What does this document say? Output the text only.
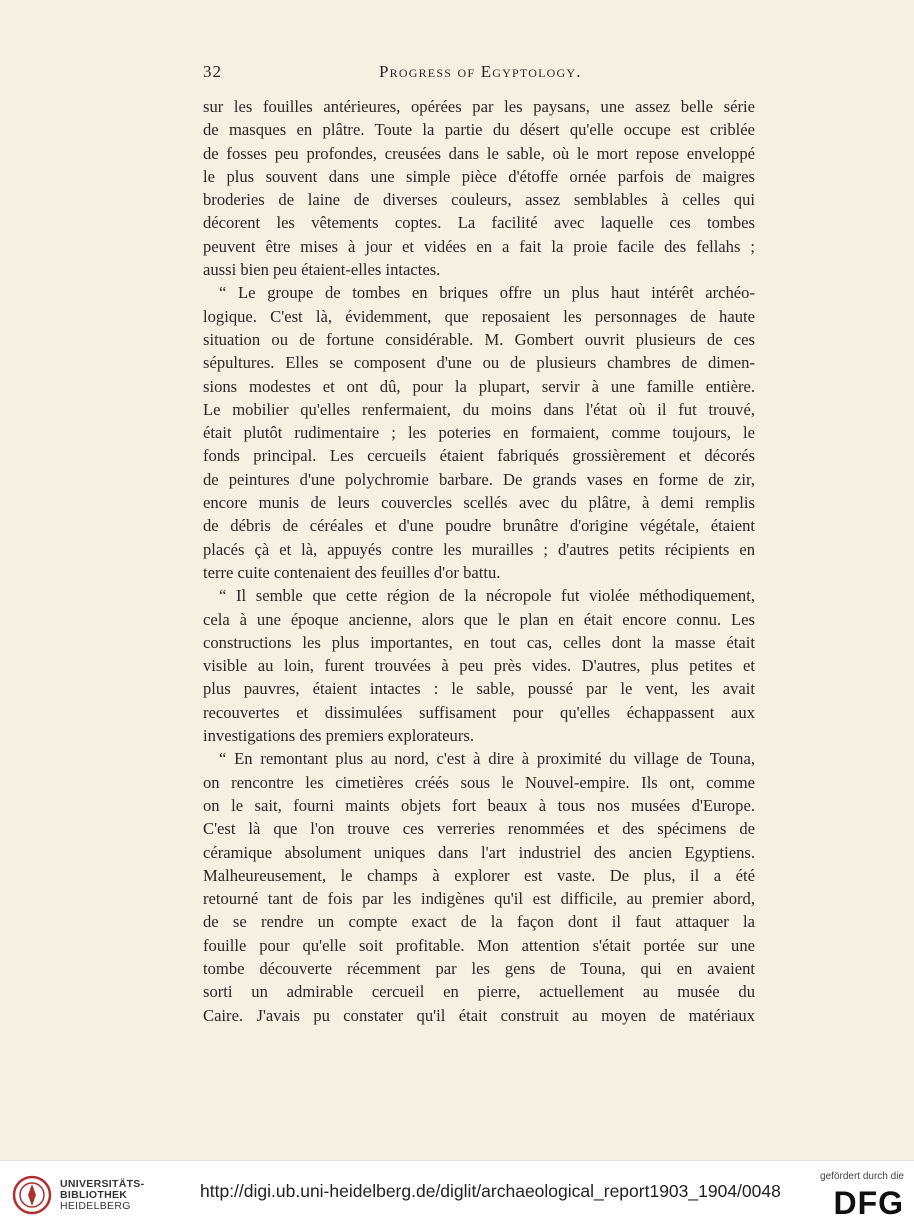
32	Progress of Egyptology.
sur les fouilles antérieures, opérées par les paysans, une assez belle série
de masques en plâtre. Toute la partie du désert qu'elle occupe est criblée
de fosses peu profondes, creusées dans le sable, où le mort repose enveloppé
le plus souvent dans une simple pièce d'étoffe ornée parfois de maigres
broderies de laine de diverses couleurs, assez semblables à celles qui
décorent les vêtements coptes. La facilité avec laquelle ces tombes
peuvent être mises à jour et vidées en a fait la proie facile des fellahs ;
aussi bien peu étaient-elles intactes.
“ Le groupe de tombes en briques offre un plus haut intérêt archéo-
logique. C'est là, évidemment, que reposaient les personnages de haute
situation ou de fortune considérable. M. Gombert ouvrit plusieurs de ces
sépultures. Elles se composent d'une ou de plusieurs chambres de dimen-
sions modestes et ont dû, pour la plupart, servir à une famille entière.
Le mobilier qu'elles renfermaient, du moins dans l'état où il fut trouvé,
était plutôt rudimentaire ; les poteries en formaient, comme toujours, le
fonds principal. Les cercueils étaient fabriqués grossièrement et décorés
de peintures d'une polychromie barbare. De grands vases en forme de zir,
encore munis de leurs couvercles scellés avec du plâtre, à demi remplis
de débris de céréales et d'une poudre brunâtre d'origine végétale, étaient
placés çà et là, appuyés contre les murailles ; d'autres petits récipients en
terre cuite contenaient des feuilles d'or battu.
“ Il semble que cette région de la nécropole fut violée méthodiquement,
cela à une époque ancienne, alors que le plan en était encore connu. Les
constructions les plus importantes, en tout cas, celles dont la masse était
visible au loin, furent trouvées à peu près vides. D'autres, plus petites et
plus pauvres, étaient intactes : le sable, poussé par le vent, les avait
recouvertes et dissimulées suffisament pour qu'elles échappassent aux
investigations des premiers explorateurs.
“ En remontant plus au nord, c'est à dire à proximité du village de Touna,
on rencontre les cimetières créés sous le Nouvel-empire. Ils ont, comme
on le sait, fourni maints objets fort beaux à tous nos musées d'Europe.
C'est là que l'on trouve ces verreries renommées et des spécimens de
céramique absolument uniques dans l'art industriel des ancien Egyptiens.
Malheureusement, le champs à explorer est vaste. De plus, il a été
retourné tant de fois par les indigènes qu'il est difficile, au premier abord,
de se rendre un compte exact de la façon dont il faut attaquer la
fouille pour qu'elle soit profitable. Mon attention s'était portée sur une
tombe découverte récemment par les gens de Touna, qui en avaient
sorti un admirable cercueil en pierre, actuellement au musée du
Caire. J'avais pu constater qu'il était construit au moyen de matériaux
UNIVERSITÄTS-
BIBLIOTHEK
HEIDELBERG
http://digi.ub.uni-heidelberg.de/diglit/archaeological_report1903_1904/0048
gefördert durch die
DFG
